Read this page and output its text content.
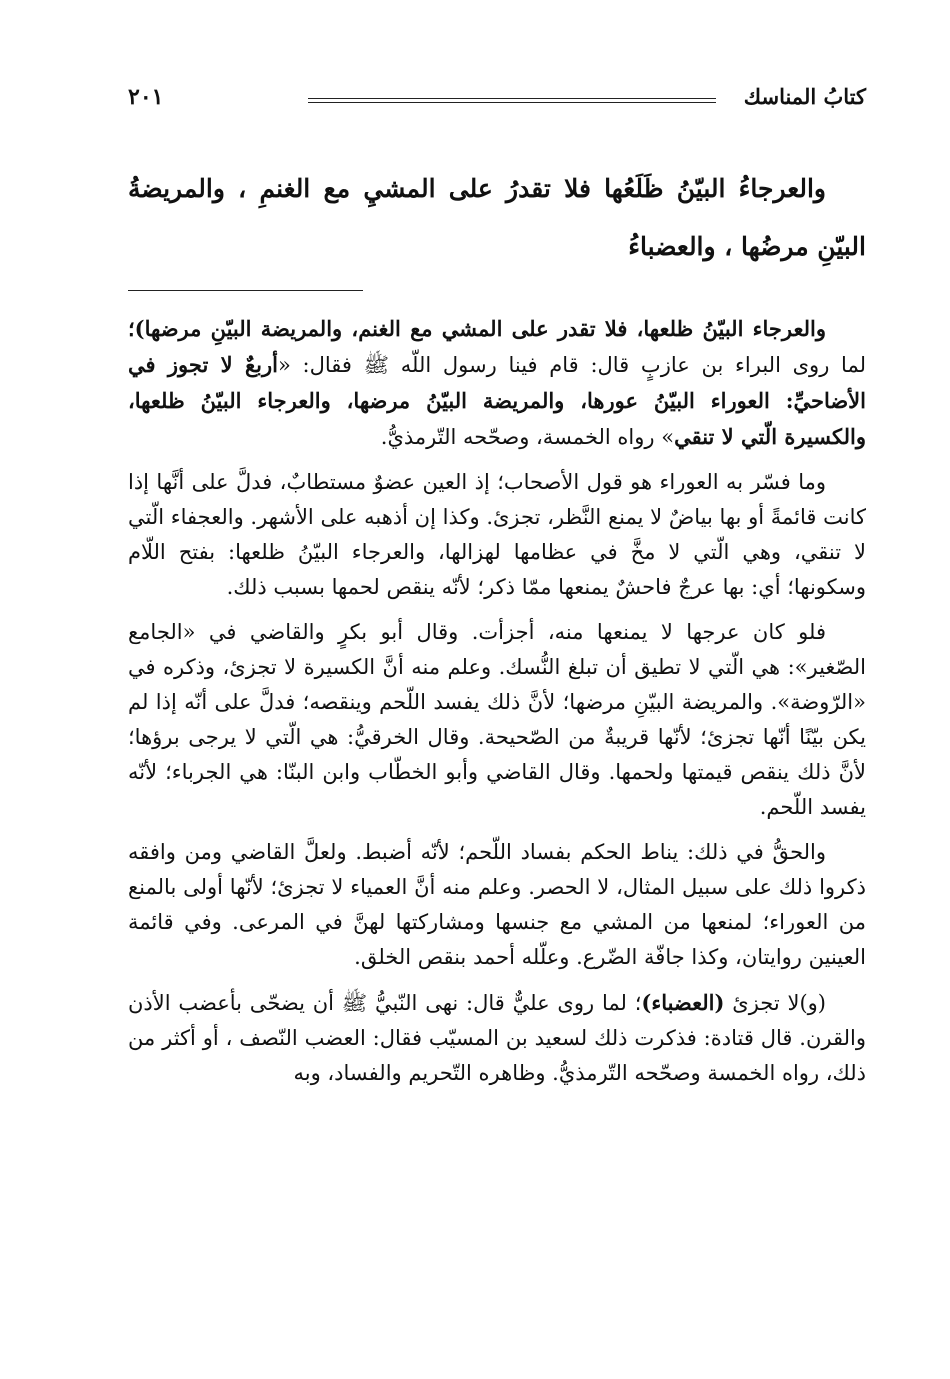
كتابُ المناسك
٢٠١
والعرجاءُ البيّنُ ظَلَعُها فلا تقدرُ على المشيِ مع الغنمِ ، والمريضةُ البيّنِ مرضُها ، والعضباءُ

والعرجاء البيّنُ ظلعها، فلا تقدر على المشي مع الغنم، والمريضة البيّنِ مرضها)؛ لما روى البراء بن عازبٍ قال: قام فينا رسول اللّه ﷺ فقال: «أربعٌ لا تجوز في الأضاحيِّ: العوراء البيّنُ عورها، والمريضة البيّنُ مرضها، والعرجاء البيّنُ ظلعها، والكسيرة الّتي لا تنقي» رواه الخمسة، وصحّحه التّرمذيُّ.

وما فسّر به العوراء هو قول الأصحاب؛ إذ العين عضوٌ مستطابٌ، فدلَّ على أنَّها إذا كانت قائمةً أو بها بياضٌ لا يمنع النَّظر، تجزئ. وكذا إن أذهبه على الأشهر. والعجفاء الّتي لا تنقي، وهي الّتي لا مخَّ في عظامها لهزالها، والعرجاء البيّنُ ظلعها: بفتح اللّام وسكونها؛ أي: بها عرجٌ فاحشٌ يمنعها ممّا ذكر؛ لأنّه ينقص لحمها بسبب ذلك.

فلو كان عرجها لا يمنعها منه، أجزأت. وقال أبو بكرٍ والقاضي في «الجامع الصّغير»: هي الّتي لا تطيق أن تبلغ النُّسك. وعلم منه أنَّ الكسيرة لا تجزئ، وذكره في «الرّوضة». والمريضة البيّنِ مرضها؛ لأنَّ ذلك يفسد اللّحم وينقصه؛ فدلَّ على أنّه إذا لم يكن بيّنًا أنّها تجزئ؛ لأنّها قريبةٌ من الصّحيحة. وقال الخرقيُّ: هي الّتي لا يرجى برؤها؛ لأنَّ ذلك ينقص قيمتها ولحمها. وقال القاضي وأبو الخطّاب وابن البنّا: هي الجرباء؛ لأنّه يفسد اللّحم.

والحقُّ في ذلك: يناط الحكم بفساد اللّحم؛ لأنّه أضبط. ولعلَّ القاضي ومن وافقه ذكروا ذلك على سبيل المثال، لا الحصر. وعلم منه أنَّ العمياء لا تجزئ؛ لأنّها أولى بالمنع من العوراء؛ لمنعها من المشي مع جنسها ومشاركتها لهنَّ في المرعى. وفي قائمة العينين روايتان، وكذا جافّة الضّرع. وعلّله أحمد بنقص الخلق.

(و)لا تجزئ (العضباء)؛ لما روى عليٌّ قال: نهى النّبيُّ ﷺ أن يضحّى بأعضب الأذن والقرن. قال قتادة: فذكرت ذلك لسعيد بن المسيّب فقال: العضب النّصف ، أو أكثر من ذلك، رواه الخمسة وصحّحه التّرمذيُّ. وظاهره التّحريم والفساد، وبه
